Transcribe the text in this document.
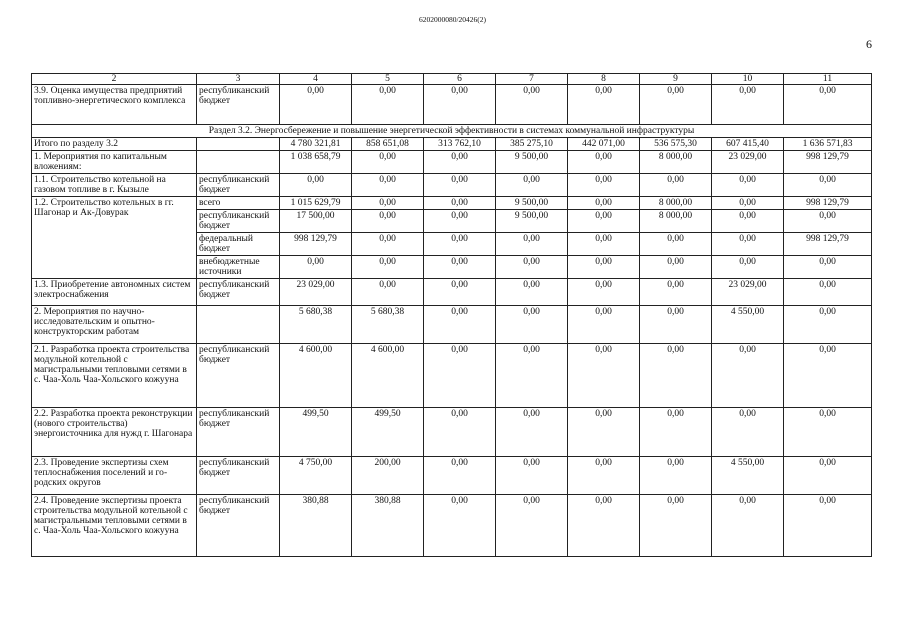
6202000080/20426(2)
6
2	3	4	5	6	7	8	9	10	11
3.9. Оценка имущества предприятий топливно-энергетического комплекса	республиканский бюджет	0,00	0,00	0,00	0,00	0,00	0,00	0,00	0,00
Раздел 3.2. Энергосбережение и повышение энергетической эффективности в системах коммунальной инфраструктуры									
Итого по разделу 3.2		4 780 321,81	858 651,08	313 762,10	385 275,10	442 071,00	536 575,30	607 415,40	1 636 571,83
1. Мероприятия по капитальным вложениям:		1 038 658,79	0,00	0,00	9 500,00	0,00	8 000,00	23 029,00	998 129,79
1.1. Строительство котельной на газовом топливе в г. Кызыле	республиканский бюджет	0,00	0,00	0,00	0,00	0,00	0,00	0,00	0,00
1.2. Строительство котельных в гг. Шагонар и Ак-Довурак	всего	1 015 629,79	0,00	0,00	9 500,00	0,00	8 000,00	0,00	998 129,79
	республиканский бюджет	17 500,00	0,00	0,00	9 500,00	0,00	8 000,00	0,00	0,00
	федеральный бюджет	998 129,79	0,00	0,00	0,00	0,00	0,00	0,00	998 129,79
	внебюджетные источники	0,00	0,00	0,00	0,00	0,00	0,00	0,00	0,00
1.3. Приобретение автономных систем электроснабжения	республиканский бюджет	23 029,00	0,00	0,00	0,00	0,00	0,00	23 029,00	0,00
2. Мероприятия по научно-исследовательским и опытно-конструкторским работам		5 680,38	5 680,38	0,00	0,00	0,00	0,00	4 550,00	0,00
2.1. Разработка проекта строительства модульной котельной с магистральными тепловыми сетями в с. Чаа-Холь Чаа-Хольского кожууна	республиканский бюджет	4 600,00	4 600,00	0,00	0,00	0,00	0,00	0,00	0,00
2.2. Разработка проекта реконструкции (нового строительства) энергоисточника для нужд г. Шагонара	республиканский бюджет	499,50	499,50	0,00	0,00	0,00	0,00	0,00	0,00
2.3. Проведение экспертизы схем теплоснабжения поселений и городских округов	республиканский бюджет	4 750,00	200,00	0,00	0,00	0,00	0,00	4 550,00	0,00
2.4. Проведение экспертизы проекта строительства модульной котельной с магистральными тепловыми сетями в с. Чаа-Холь Чаа-Хольского кожууна	республиканский бюджет	380,88	380,88	0,00	0,00	0,00	0,00	0,00	0,00
